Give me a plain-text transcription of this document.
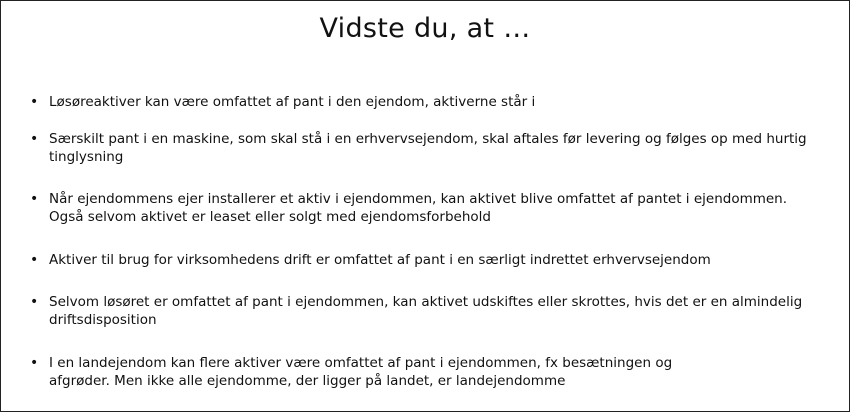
Vidste du, at …
• Løsøreaktiver kan være omfattet af pant i den ejendom, aktiverne står i
• Særskilt pant i en maskine, som skal stå i en erhvervsejendom, skal aftales før levering og følges op med hurtig tinglysning
• Når ejendommens ejer installerer et aktiv i ejendommen, kan aktivet blive omfattet af pantet i ejendommen. Også selvom aktivet er leaset eller solgt med ejendomsforbehold
• Aktiver til brug for virksomhedens drift er omfattet af pant i en særligt indrettet erhvervsejendom
• Selvom løsøret er omfattet af pant i ejendommen, kan aktivet udskiftes eller skrottes, hvis det er en almindelig driftsdisposition
• I en landejendom kan flere aktiver være omfattet af pant i ejendommen, fx besætningen og afgrøder. Men ikke alle ejendomme, der ligger på landet, er landejendomme
